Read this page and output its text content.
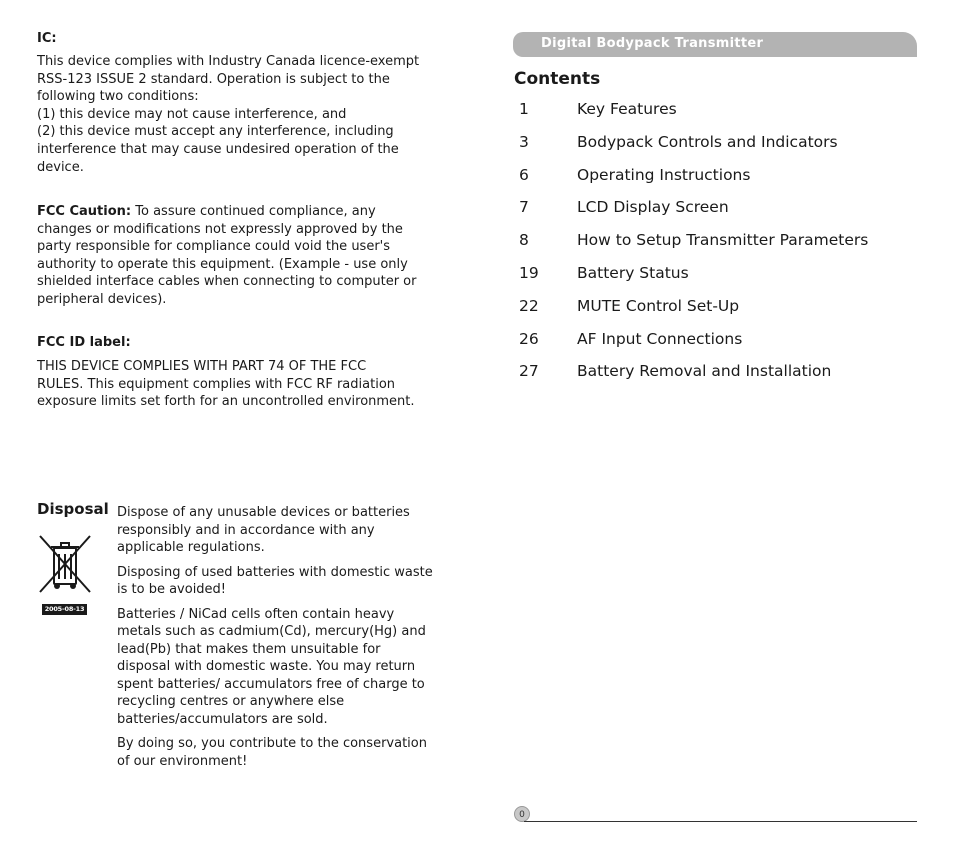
IC:
This device complies with Industry Canada licence-exempt
RSS-123 ISSUE 2 standard. Operation is subject to the
following two conditions:
(1) this device may not cause interference, and
(2) this device must accept any interference, including
interference that may cause undesired operation of the
device.
FCC Caution: To assure continued compliance, any
changes or modifications not expressly approved by the
party responsible for compliance could void the user's
authority to operate this equipment. (Example - use only
shielded interface cables when connecting to computer or
peripheral devices).
FCC ID label:
THIS DEVICE COMPLIES WITH PART 74 OF THE FCC
RULES. This equipment complies with FCC RF radiation
exposure limits set forth for an uncontrolled environment.
Disposal
2005-08-13
Dispose of any unusable devices or batteries
responsibly and in accordance with any
applicable regulations.
Disposing of used batteries with domestic waste
is to be avoided!
Batteries / NiCad cells often contain heavy
metals such as cadmium(Cd), mercury(Hg) and
lead(Pb) that makes them unsuitable for
disposal with domestic waste. You may return
spent batteries/ accumulators free of charge to
recycling centres or anywhere else
batteries/accumulators are sold.
By doing so, you contribute to the conservation
of our environment!
Digital Bodypack Transmitter
Contents
1	Key Features
3	Bodypack Controls and Indicators
6	Operating Instructions
7	LCD Display Screen
8	How to Setup Transmitter Parameters
19 Battery Status
22 MUTE Control Set-Up
26 AF Input Connections
27 Battery Removal and Installation
0
